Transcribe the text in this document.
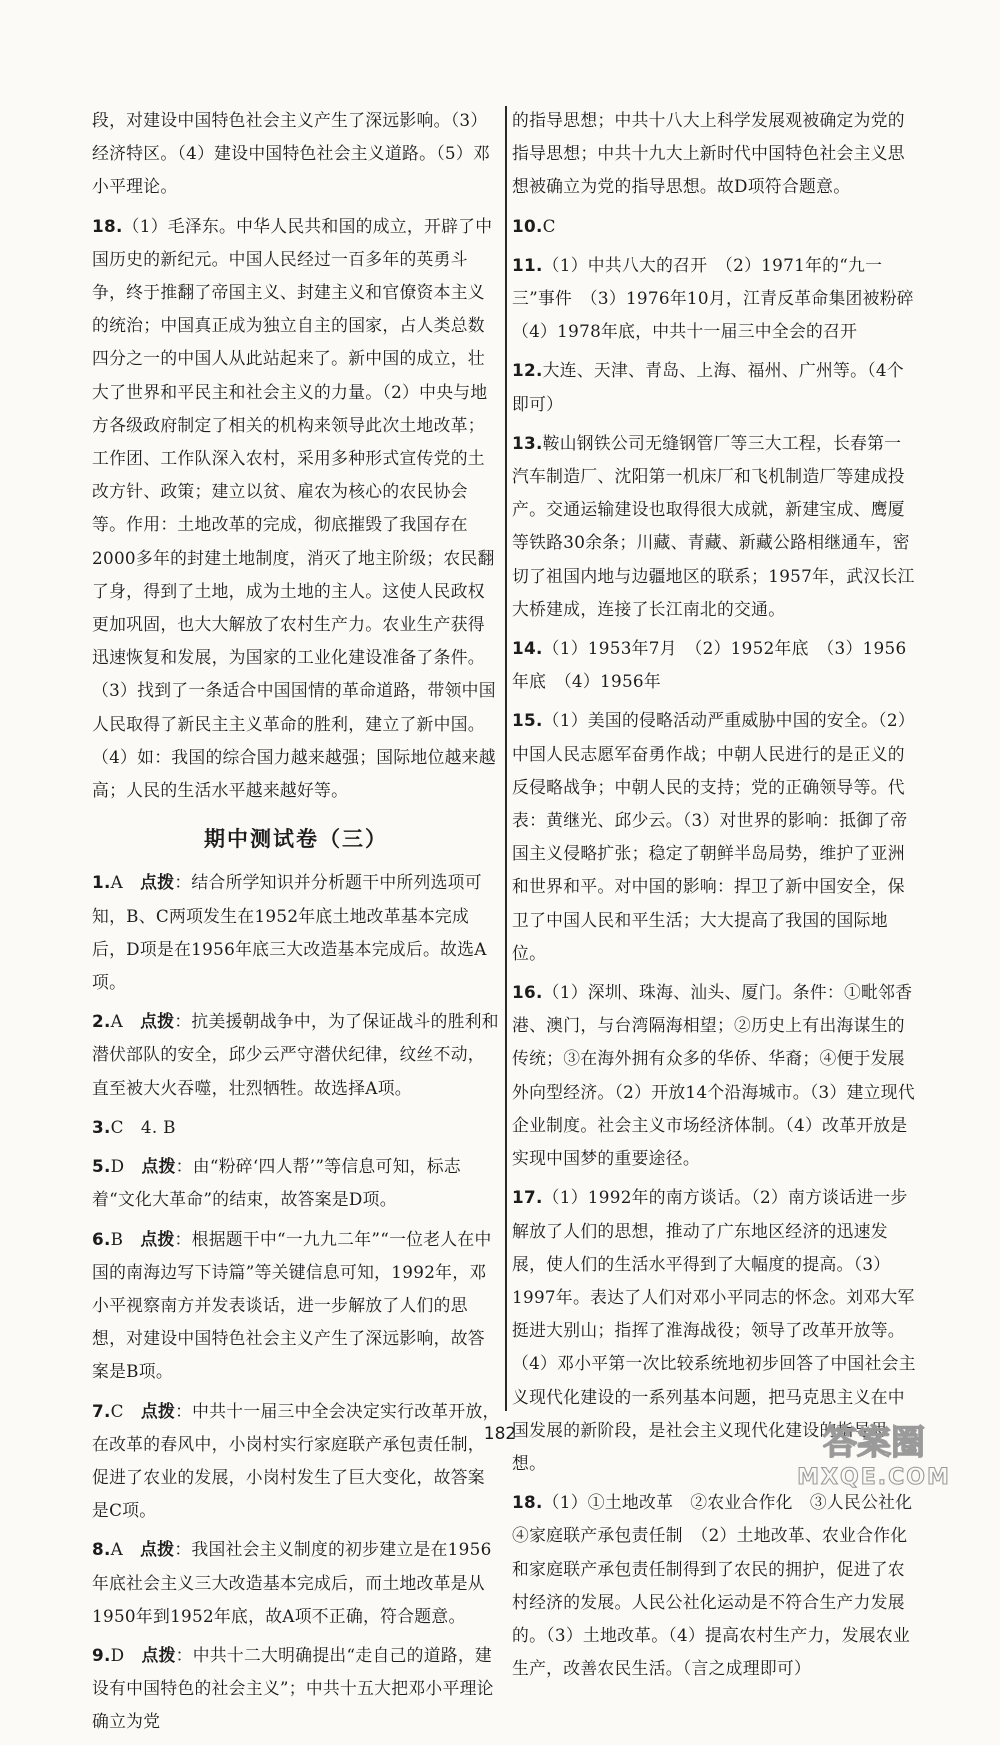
段，对建设中国特色社会主义产生了深远影响。（3）经济特区。（4）建设中国特色社会主义道路。（5）邓小平理论。

18.（1）毛泽东。中华人民共和国的成立，开辟了中国历史的新纪元。中国人民经过一百多年的英勇斗争，终于推翻了帝国主义、封建主义和官僚资本主义的统治；中国真正成为独立自主的国家，占人类总数四分之一的中国人从此站起来了。新中国的成立，壮大了世界和平民主和社会主义的力量。（2）中央与地方各级政府制定了相关的机构来领导此次土地改革；工作团、工作队深入农村，采用多种形式宣传党的土改方针、政策；建立以贫、雇农为核心的农民协会等。作用：土地改革的完成，彻底摧毁了我国存在2000多年的封建土地制度，消灭了地主阶级；农民翻了身，得到了土地，成为土地的主人。这使人民政权更加巩固，也大大解放了农村生产力。农业生产获得迅速恢复和发展，为国家的工业化建设准备了条件。（3）找到了一条适合中国国情的革命道路，带领中国人民取得了新民主主义革命的胜利，建立了新中国。（4）如：我国的综合国力越来越强；国际地位越来越高；人民的生活水平越来越好等。

期中测试卷（三）

1.A　点拨：结合所学知识并分析题干中所列选项可知，B、C两项发生在1952年底土地改革基本完成后，D项是在1956年底三大改造基本完成后。故选A项。

2.A　点拨：抗美援朝战争中，为了保证战斗的胜利和潜伏部队的安全，邱少云严守潜伏纪律，纹丝不动，直至被大火吞噬，壮烈牺牲。故选择A项。

3.C　4. B

5.D　点拨：由“粉碎‘四人帮’”等信息可知，标志着“文化大革命”的结束，故答案是D项。

6.B　点拨：根据题干中“一九九二年”“一位老人在中国的南海边写下诗篇”等关键信息可知，1992年，邓小平视察南方并发表谈话，进一步解放了人们的思想，对建设中国特色社会主义产生了深远影响，故答案是B项。

7.C　点拨：中共十一届三中全会决定实行改革开放，在改革的春风中，小岗村实行家庭联产承包责任制，促进了农业的发展，小岗村发生了巨大变化，故答案是C项。

8.A　点拨：我国社会主义制度的初步建立是在1956年底社会主义三大改造基本完成后，而土地改革是从1950年到1952年底，故A项不正确，符合题意。

9.D　点拨：中共十二大明确提出“走自己的道路，建设有中国特色的社会主义”；中共十五大把邓小平理论确立为党

的指导思想；中共十八大上科学发展观被确定为党的指导思想；中共十九大上新时代中国特色社会主义思想被确立为党的指导思想。故D项符合题意。

10.C

11.（1）中共八大的召开　（2）1971年的“九一三”事件　（3）1976年10月，江青反革命集团被粉碎　（4）1978年底，中共十一届三中全会的召开

12.大连、天津、青岛、上海、福州、广州等。（4个即可）

13.鞍山钢铁公司无缝钢管厂等三大工程，长春第一汽车制造厂、沈阳第一机床厂和飞机制造厂等建成投产。交通运输建设也取得很大成就，新建宝成、鹰厦等铁路30余条；川藏、青藏、新藏公路相继通车，密切了祖国内地与边疆地区的联系；1957年，武汉长江大桥建成，连接了长江南北的交通。

14.（1）1953年7月　（2）1952年底　（3）1956年底　（4）1956年

15.（1）美国的侵略活动严重威胁中国的安全。（2）中国人民志愿军奋勇作战；中朝人民进行的是正义的反侵略战争；中朝人民的支持；党的正确领导等。代表：黄继光、邱少云。（3）对世界的影响：抵御了帝国主义侵略扩张；稳定了朝鲜半岛局势，维护了亚洲和世界和平。对中国的影响：捍卫了新中国安全，保卫了中国人民和平生活；大大提高了我国的国际地位。

16.（1）深圳、珠海、汕头、厦门。条件：①毗邻香港、澳门，与台湾隔海相望；②历史上有出海谋生的传统；③在海外拥有众多的华侨、华裔；④便于发展外向型经济。（2）开放14个沿海城市。（3）建立现代企业制度。社会主义市场经济体制。（4）改革开放是实现中国梦的重要途径。

17.（1）1992年的南方谈话。（2）南方谈话进一步解放了人们的思想，推动了广东地区经济的迅速发展，使人们的生活水平得到了大幅度的提高。（3）1997年。表达了人们对邓小平同志的怀念。刘邓大军挺进大别山；指挥了淮海战役；领导了改革开放等。（4）邓小平第一次比较系统地初步回答了中国社会主义现代化建设的一系列基本问题，把马克思主义在中国发展的新阶段，是社会主义现代化建设的指导思想。

18.（1）①土地改革　②农业合作化　③人民公社化　④家庭联产承包责任制　（2）土地改革、农业合作化和家庭联产承包责任制得到了农民的拥护，促进了农村经济的发展。人民公社化运动是不符合生产力发展的。（3）土地改革。（4）提高农村生产力，发展农业生产，改善农民生活。（言之成理即可）

182	答案圈
MXQE.COM
